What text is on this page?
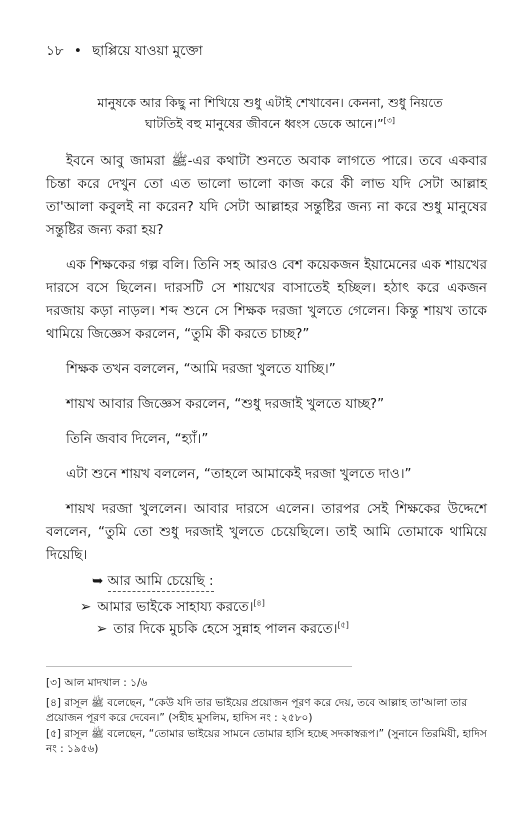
১৮ • ছাপ্পিয়ে যাওয়া মুক্তো
মানুষকে আর কিছু না শিখিয়ে শুধু এটাই শেখাবেন। কেননা, শুধু নিয়তে
ঘাটতিই বহু মানুষের জীবনে ধ্বংস ডেকে আনে।”[৩]

ইবনে আবু জামরা ﷺ-এর কথাটা শুনতে অবাক লাগতে পারে। তবে একবার চিন্তা করে দেখুন তো এত ভালো ভালো কাজ করে কী লাভ যদি সেটা আল্লাহ তা'আলা কবুলই না করেন? যদি সেটা আল্লাহর সন্তুষ্টির জন্য না করে শুধু মানুষের সন্তুষ্টির জন্য করা হয়?

এক শিক্ষকের গল্প বলি। তিনি সহ আরও বেশ কয়েকজন ইয়ামেনের এক শায়খের দারসে বসে ছিলেন। দারসটি সে শায়খের বাসাতেই হচ্ছিল। হঠাৎ করে একজন দরজায় কড়া নাড়ল। শব্দ শুনে সে শিক্ষক দরজা খুলতে গেলেন। কিন্তু শায়খ তাকে থামিয়ে জিজ্ঞেস করলেন, “তুমি কী করতে চাচ্ছ?”

শিক্ষক তখন বললেন, “আমি দরজা খুলতে যাচ্ছি।”

শায়খ আবার জিজ্ঞেস করলেন, “শুধু দরজাই খুলতে যাচ্ছ?”

তিনি জবাব দিলেন, “হ্যাঁ।”

এটা শুনে শায়খ বললেন, “তাহলে আমাকেই দরজা খুলতে দাও।”

শায়খ দরজা খুললেন। আবার দারসে এলেন। তারপর সেই শিক্ষকের উদ্দেশে বললেন, “তুমি তো শুধু দরজাই খুলতে চেয়েছিলে। তাই আমি তোমাকে থামিয়ে দিয়েছি।

➥ আর আমি চেয়েছি :
➢ আমার ভাইকে সাহায্য করতে।[৪]
➢ তার দিকে মুচকি হেসে সুন্নাহ পালন করতে।[৫]
[৩] আল মাদখাল : ১/৬
[৪] রাসূল ﷺ বলেছেন, “কেউ যদি তার ভাইয়ের প্রয়োজন পূরণ করে দেয়, তবে আল্লাহ তা'আলা তার প্রয়োজন পূরণ করে দেবেন।” (সহীহ মুসলিম, হাদিস নং : ২৫৮০)
[৫] রাসূল ﷺ বলেছেন, “তোমার ভাইয়ের সামনে তোমার হাসি হচ্ছে সদকাস্বরূপ।” (সুনানে তিরমিযী, হাদিস নং : ১৯৫৬)
